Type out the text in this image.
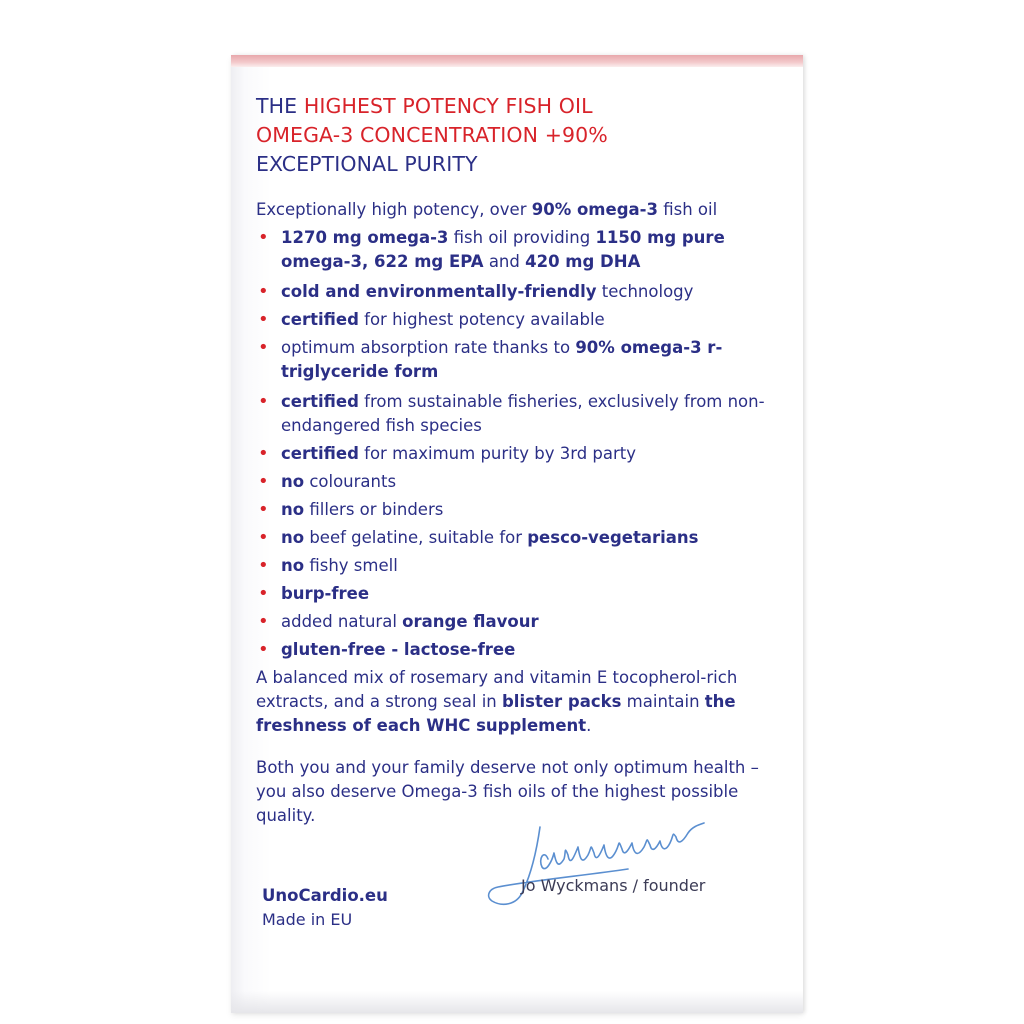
THE HIGHEST POTENCY FISH OIL
OMEGA-3 CONCENTRATION +90%
EXCEPTIONAL PURITY

Exceptionally high potency, over 90% omega-3 fish oil

• 1270 mg omega-3 fish oil providing 1150 mg pure omega-3, 622 mg EPA and 420 mg DHA
• cold and environmentally-friendly technology
• certified for highest potency available
• optimum absorption rate thanks to 90% omega-3 r-triglyceride form
• certified from sustainable fisheries, exclusively from non-endangered fish species
• certified for maximum purity by 3rd party
• no colourants
• no fillers or binders
• no beef gelatine, suitable for pesco-vegetarians
• no fishy smell
• burp-free
• added natural orange flavour
• gluten-free - lactose-free

A balanced mix of rosemary and vitamin E tocopherol-rich extracts, and a strong seal in blister packs maintain the freshness of each WHC supplement.

Both you and your family deserve not only optimum health – you also deserve Omega-3 fish oils of the highest possible quality.

Jo Wyckmans / founder
UnoCardio.eu
Made in EU
